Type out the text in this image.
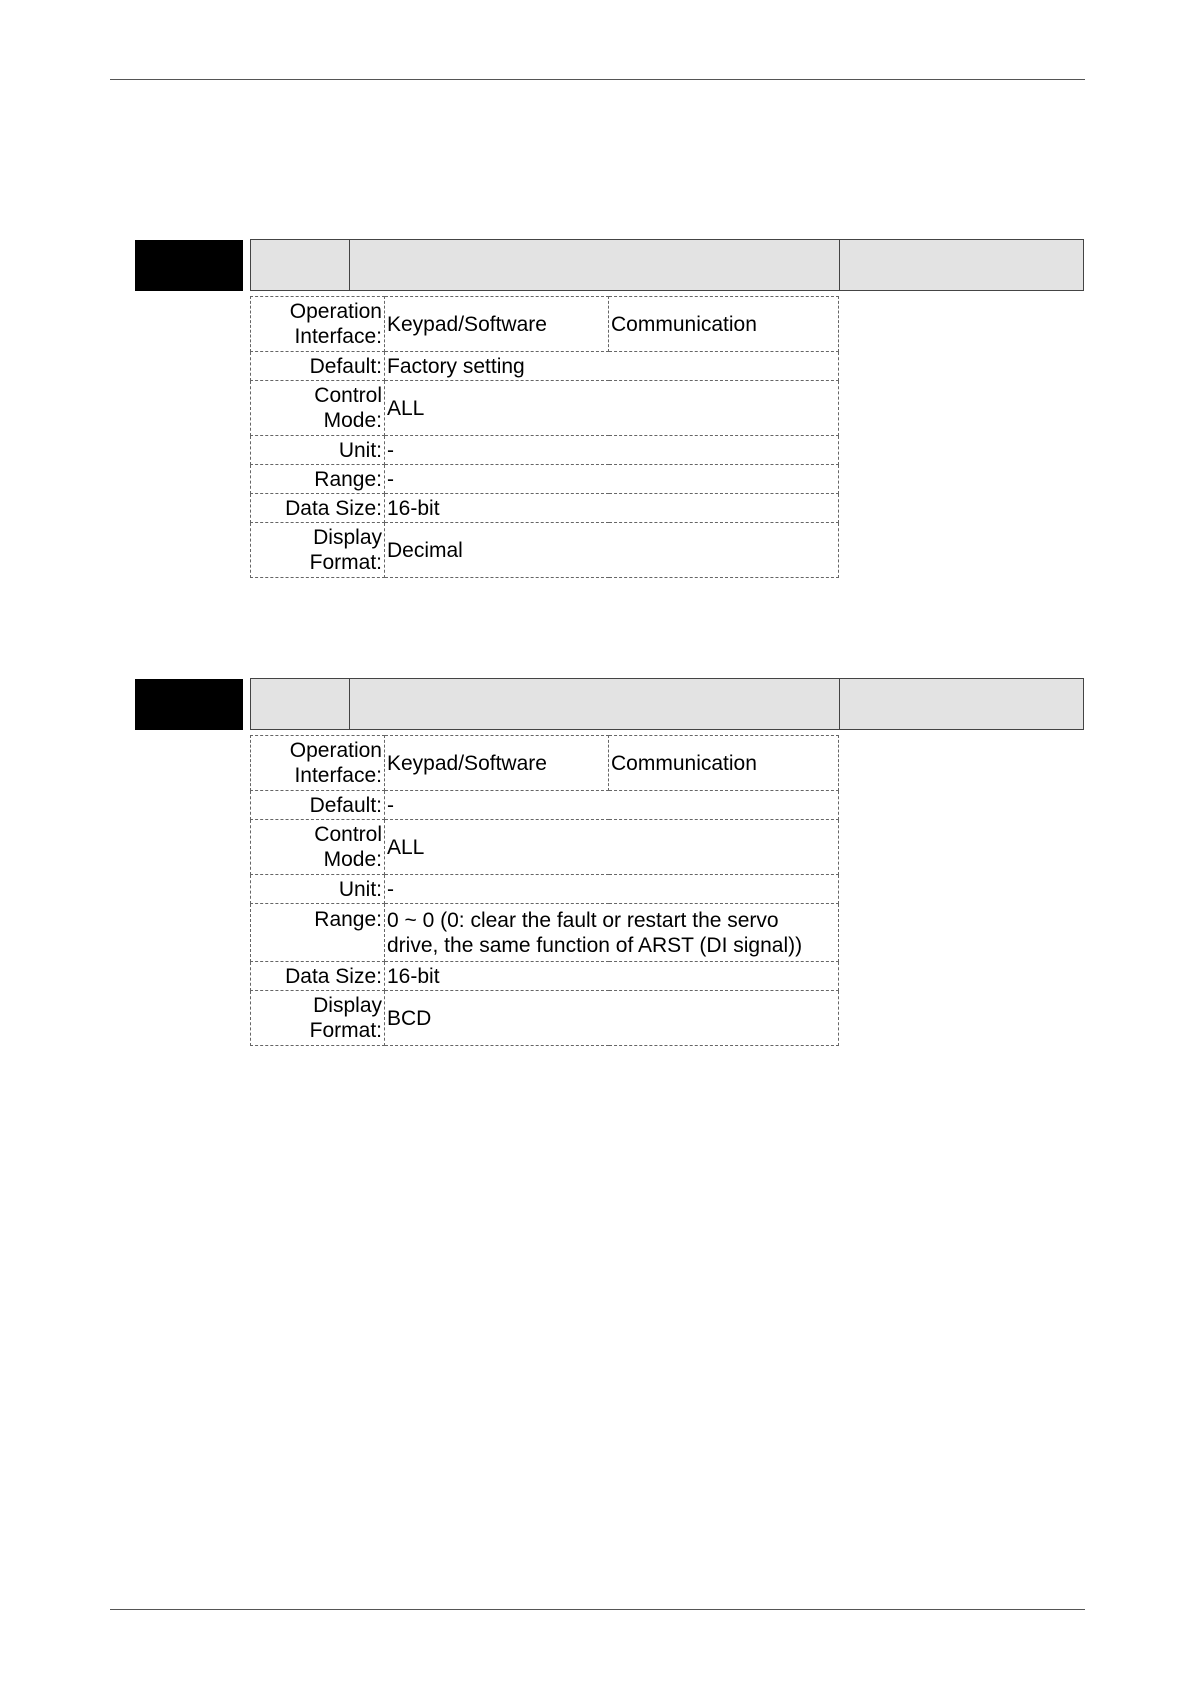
Operation Interface:	Keypad/Software	Communication
Default:	Factory setting	
Control Mode:	ALL	
Unit:	-	
Range:	-	
Data Size:	16-bit	
Display Format:	Decimal	
Operation Interface:	Keypad/Software	Communication
Default:	-	
Control Mode:	ALL	
Unit:	-	
Range:	0 ~ 0 (0: clear the fault or restart the servo drive, the same function of ARST (DI signal))	
Data Size:	16-bit	
Display Format:	BCD	
